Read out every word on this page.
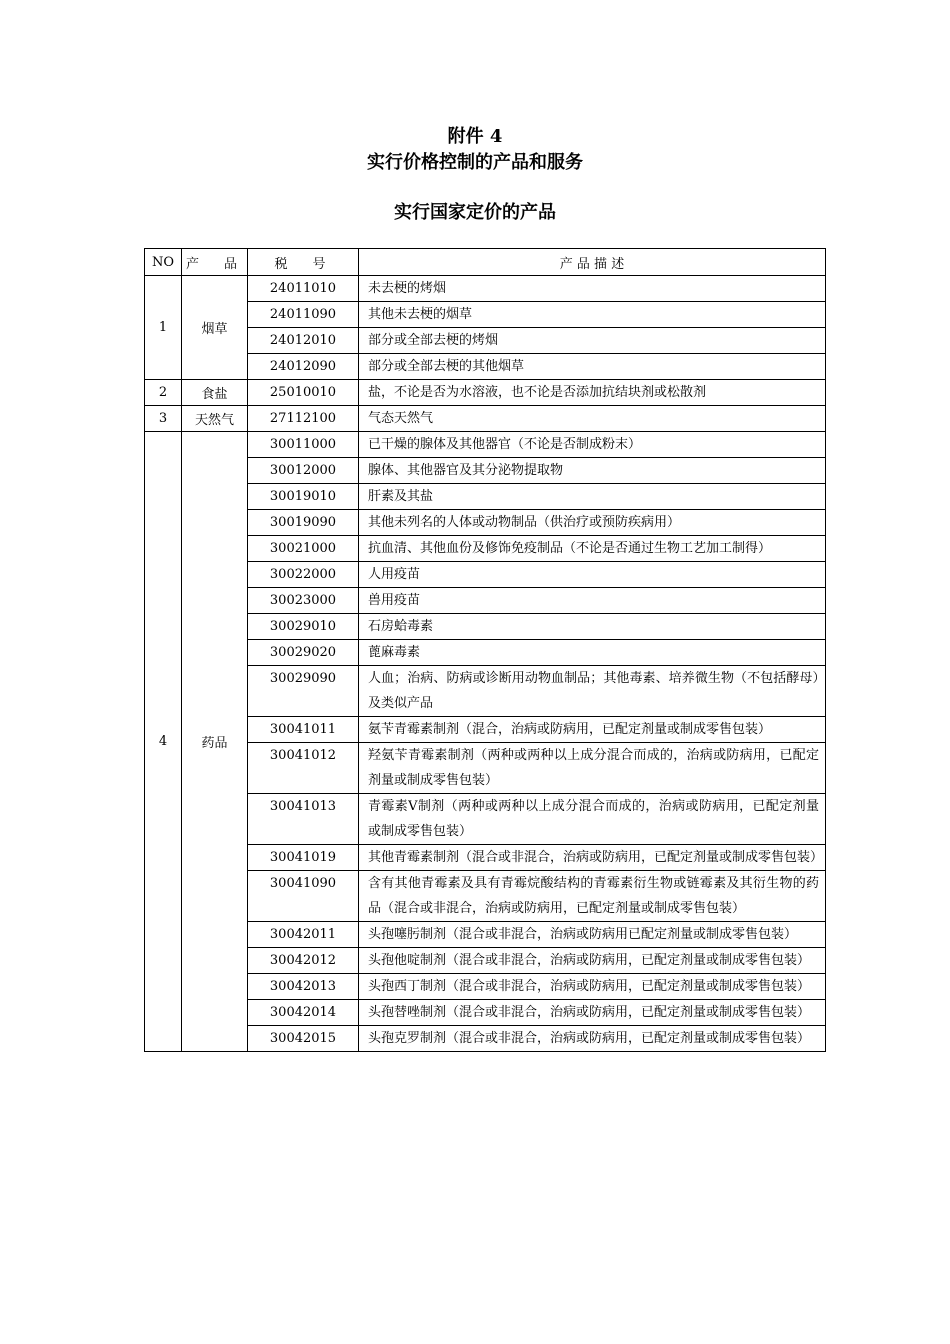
附件 4
实行价格控制的产品和服务
实行国家定价的产品
NO	产　品	税　号	产 品 描 述
1	烟草	24011010	未去梗的烤烟
		24011090	其他未去梗的烟草
		24012010	部分或全部去梗的烤烟
		24012090	部分或全部去梗的其他烟草
2	食盐	25010010	盐，不论是否为水溶液，也不论是否添加抗结块剂或松散剂
3	天然气	27112100	气态天然气
4	药品	30011000	已干燥的腺体及其他器官（不论是否制成粉末）
		30012000	腺体、其他器官及其分泌物提取物
		30019010	肝素及其盐
		30019090	其他未列名的人体或动物制品（供治疗或预防疾病用）
		30021000	抗血清、其他血份及修饰免疫制品（不论是否通过生物工艺加工制得）
		30022000	人用疫苗
		30023000	兽用疫苗
		30029010	石房蛤毒素
		30029020	蓖麻毒素
		30029090	人血；治病、防病或诊断用动物血制品；其他毒素、培养微生物（不包括酵母）及类似产品
		30041011	氨苄青霉素制剂（混合，治病或防病用，已配定剂量或制成零售包装）
		30041012	羟氨苄青霉素制剂（两种或两种以上成分混合而成的，治病或防病用，已配定剂量或制成零售包装）
		30041013	青霉素Ⅴ制剂（两种或两种以上成分混合而成的，治病或防病用，已配定剂量或制成零售包装）
		30041019	其他青霉素制剂（混合或非混合，治病或防病用，已配定剂量或制成零售包装）
		30041090	含有其他青霉素及具有青霉烷酸结构的青霉素衍生物或链霉素及其衍生物的药品（混合或非混合，治病或防病用，已配定剂量或制成零售包装）
		30042011	头孢噻肟制剂（混合或非混合，治病或防病用已配定剂量或制成零售包装）
		30042012	头孢他啶制剂（混合或非混合，治病或防病用，已配定剂量或制成零售包装）
		30042013	头孢西丁制剂（混合或非混合，治病或防病用，已配定剂量或制成零售包装）
		30042014	头孢替唑制剂（混合或非混合，治病或防病用，已配定剂量或制成零售包装）
		30042015	头孢克罗制剂（混合或非混合，治病或防病用，已配定剂量或制成零售包装）
